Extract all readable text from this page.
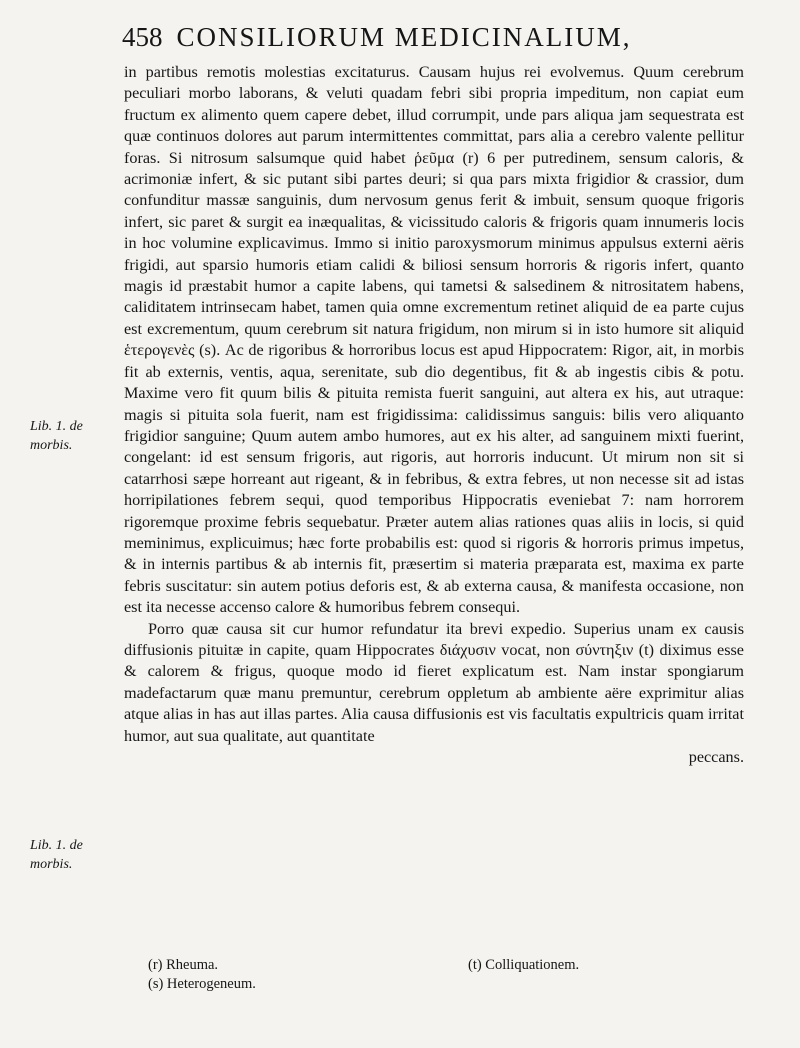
458 CONSILIORUM MEDICINALIUM,
Lib. 1. de morbis.
Lib. 1. de morbis.

in partibus remotis molestias excitaturus. Causam hujus rei evolvemus. Quum cerebrum peculiari morbo laborans, & veluti quadam febri sibi propria impeditum, non capiat eum fructum ex alimento quem capere debet, illud corrumpit, unde pars aliqua jam sequestrata est quæ continuos dolores aut parum intermittentes committat, pars alia a cerebro valente pellitur foras. Si nitrosum salsumque quid habet ῥεῦμα (r) 6 per putredinem, sensum caloris, & acrimoniæ infert, & sic putant sibi partes deuri; si qua pars mixta frigidior & crassior, dum confunditur massæ sanguinis, dum nervosum genus ferit & imbuit, sensum quoque frigoris infert, sic paret & surgit ea inæqualitas, & vicissitudo caloris & frigoris quam innumeris locis in hoc volumine explicavimus. Immo si initio paroxysmorum minimus appulsus externi aëris frigidi, aut sparsio humoris etiam calidi & biliosi sensum horroris & rigoris infert, quanto magis id præstabit humor a capite labens, qui tametsi & salsedinem & nitrositatem habens, caliditatem intrinsecam habet, tamen quia omne excrementum retinet aliquid de ea parte cujus est excrementum, quum cerebrum sit natura frigidum, non mirum si in isto humore sit aliquid ἑτερογενὲς (s). Ac de rigoribus & horroribus locus est apud Hippocratem: Rigor, ait, in morbis fit ab externis, ventis, aqua, serenitate, sub dio degentibus, fit & ab ingestis cibis & potu. Maxime vero fit quum bilis & pituita remista fuerit sanguini, aut altera ex his, aut utraque: magis si pituita sola fuerit, nam est frigidissima: calidissimus sanguis: bilis vero aliquanto frigidior sanguine; Quum autem ambo humores, aut ex his alter, ad sanguinem mixti fuerint, congelant: id est sensum frigoris, aut rigoris, aut horroris inducunt. Ut mirum non sit si catarrhosi sæpe horreant aut rigeant, & in febribus, & extra febres, ut non necesse sit ad istas horripilationes febrem sequi, quod temporibus Hippocratis eveniebat 7: nam horrorem rigoremque proxime febris sequebatur. Præter autem alias rationes quas aliis in locis, si quid meminimus, explicuimus; hæc forte probabilis est: quod si rigoris & horroris primus impetus, & in internis partibus & ab internis fit, præsertim si materia præparata est, maxima ex parte febris suscitatur: sin autem potius deforis est, & ab externa causa, & manifesta occasione, non est ita necesse accenso calore & humoribus febrem consequi.

Porro quæ causa sit cur humor refundatur ita brevi expedio. Superius unam ex causis diffusionis pituitæ in capite, quam Hippocrates διάχυσιν vocat, non σύντηξιν (t) diximus esse & calorem & frigus, quoque modo id fieret explicatum est. Nam instar spongiarum madefactarum quæ manu premuntur, cerebrum oppletum ab ambiente aëre exprimitur alias atque alias in has aut illas partes. Alia causa diffusionis est vis facultatis expultricis quam irritat humor, aut sua qualitate, aut quantitate

peccans.

(r) Rheuma.
(s) Heterogeneum.
(t) Colliquationem.
